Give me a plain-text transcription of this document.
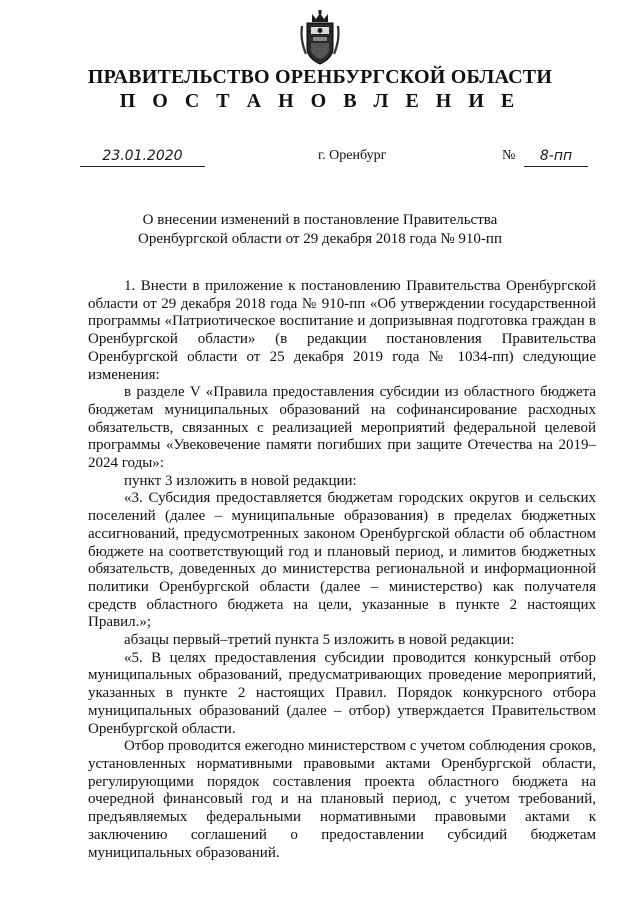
ПРАВИТЕЛЬСТВО ОРЕНБУРГСКОЙ ОБЛАСТИ
П О С Т А Н О В Л Е Н И Е
23.01.2020	г. Оренбург	№	8-пп
О внесении изменений в постановление Правительства
Оренбургской области от 29 декабря 2018 года № 910-пп

1. Внести в приложение к постановлению Правительства Оренбургской области от 29 декабря 2018 года № 910-пп «Об утверждении государственной программы «Патриотическое воспитание и допризывная подготовка граждан в Оренбургской области» (в редакции постановления Правительства Оренбургской области от 25 декабря 2019 года № 1034-пп) следующие изменения:

в разделе V «Правила предоставления субсидии из областного бюджета бюджетам муниципальных образований на софинансирование расходных обязательств, связанных с реализацией мероприятий федеральной целевой программы «Увековечение памяти погибших при защите Отечества на 2019–2024 годы»:

пункт 3 изложить в новой редакции:

«3. Субсидия предоставляется бюджетам городских округов и сельских поселений (далее – муниципальные образования) в пределах бюджетных ассигнований, предусмотренных законом Оренбургской области об областном бюджете на соответствующий год и плановый период, и лимитов бюджетных обязательств, доведенных до министерства региональной и информационной политики Оренбургской области (далее – министерство) как получателя средств областного бюджета на цели, указанные в пункте 2 настоящих Правил.»;

абзацы первый–третий пункта 5 изложить в новой редакции:

«5. В целях предоставления субсидии проводится конкурсный отбор муниципальных образований, предусматривающих проведение мероприятий, указанных в пункте 2 настоящих Правил. Порядок конкурсного отбора муниципальных образований (далее – отбор) утверждается Правительством Оренбургской области.

Отбор проводится ежегодно министерством с учетом соблюдения сроков, установленных нормативными правовыми актами Оренбургской области, регулирующими порядок составления проекта областного бюджета на очередной финансовый год и на плановый период, с учетом требований, предъявляемых федеральными нормативными правовыми актами к заключению соглашений о предоставлении субсидий бюджетам муниципальных образований.
